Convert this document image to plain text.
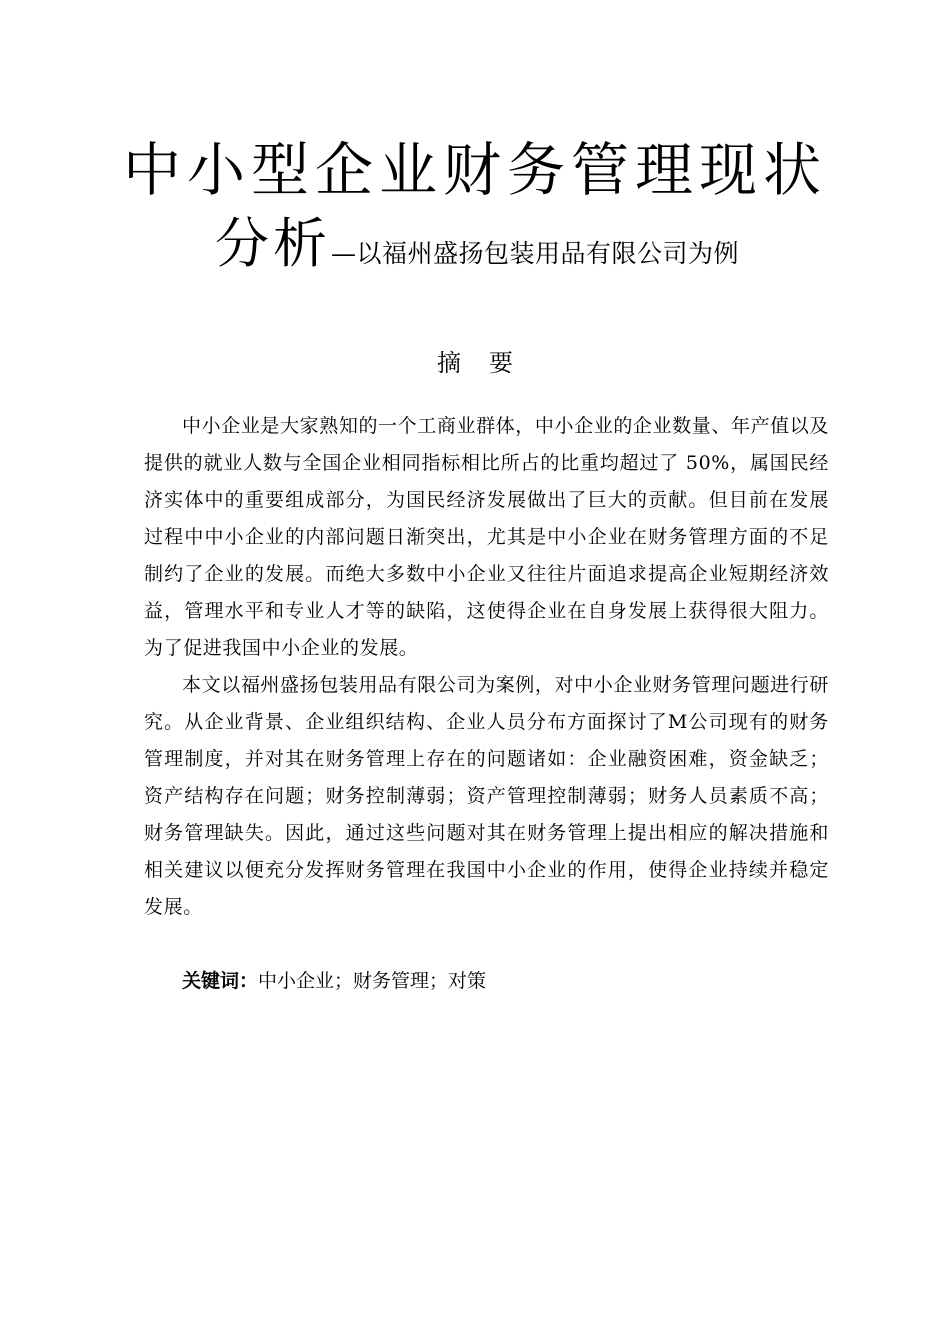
中小型企业财务管理现状
分析—以福州盛扬包装用品有限公司为例
摘要

中小企业是大家熟知的一个工商业群体，中小企业的企业数量、年产值以及提供的就业人数与全国企业相同指标相比所占的比重均超过了 50%，属国民经济实体中的重要组成部分，为国民经济发展做出了巨大的贡献。但目前在发展过程中中小企业的内部问题日渐突出，尤其是中小企业在财务管理方面的不足制约了企业的发展。而绝大多数中小企业又往往片面追求提高企业短期经济效益，管理水平和专业人才等的缺陷，这使得企业在自身发展上获得很大阻力。为了促进我国中小企业的发展。

本文以福州盛扬包装用品有限公司为案例，对中小企业财务管理问题进行研究。从企业背景、企业组织结构、企业人员分布方面探讨了M公司现有的财务管理制度，并对其在财务管理上存在的问题诸如：企业融资困难，资金缺乏；资产结构存在问题；财务控制薄弱；资产管理控制薄弱；财务人员素质不高；财务管理缺失。因此，通过这些问题对其在财务管理上提出相应的解决措施和相关建议以便充分发挥财务管理在我国中小企业的作用，使得企业持续并稳定发展。

关键词：中小企业；财务管理；对策
